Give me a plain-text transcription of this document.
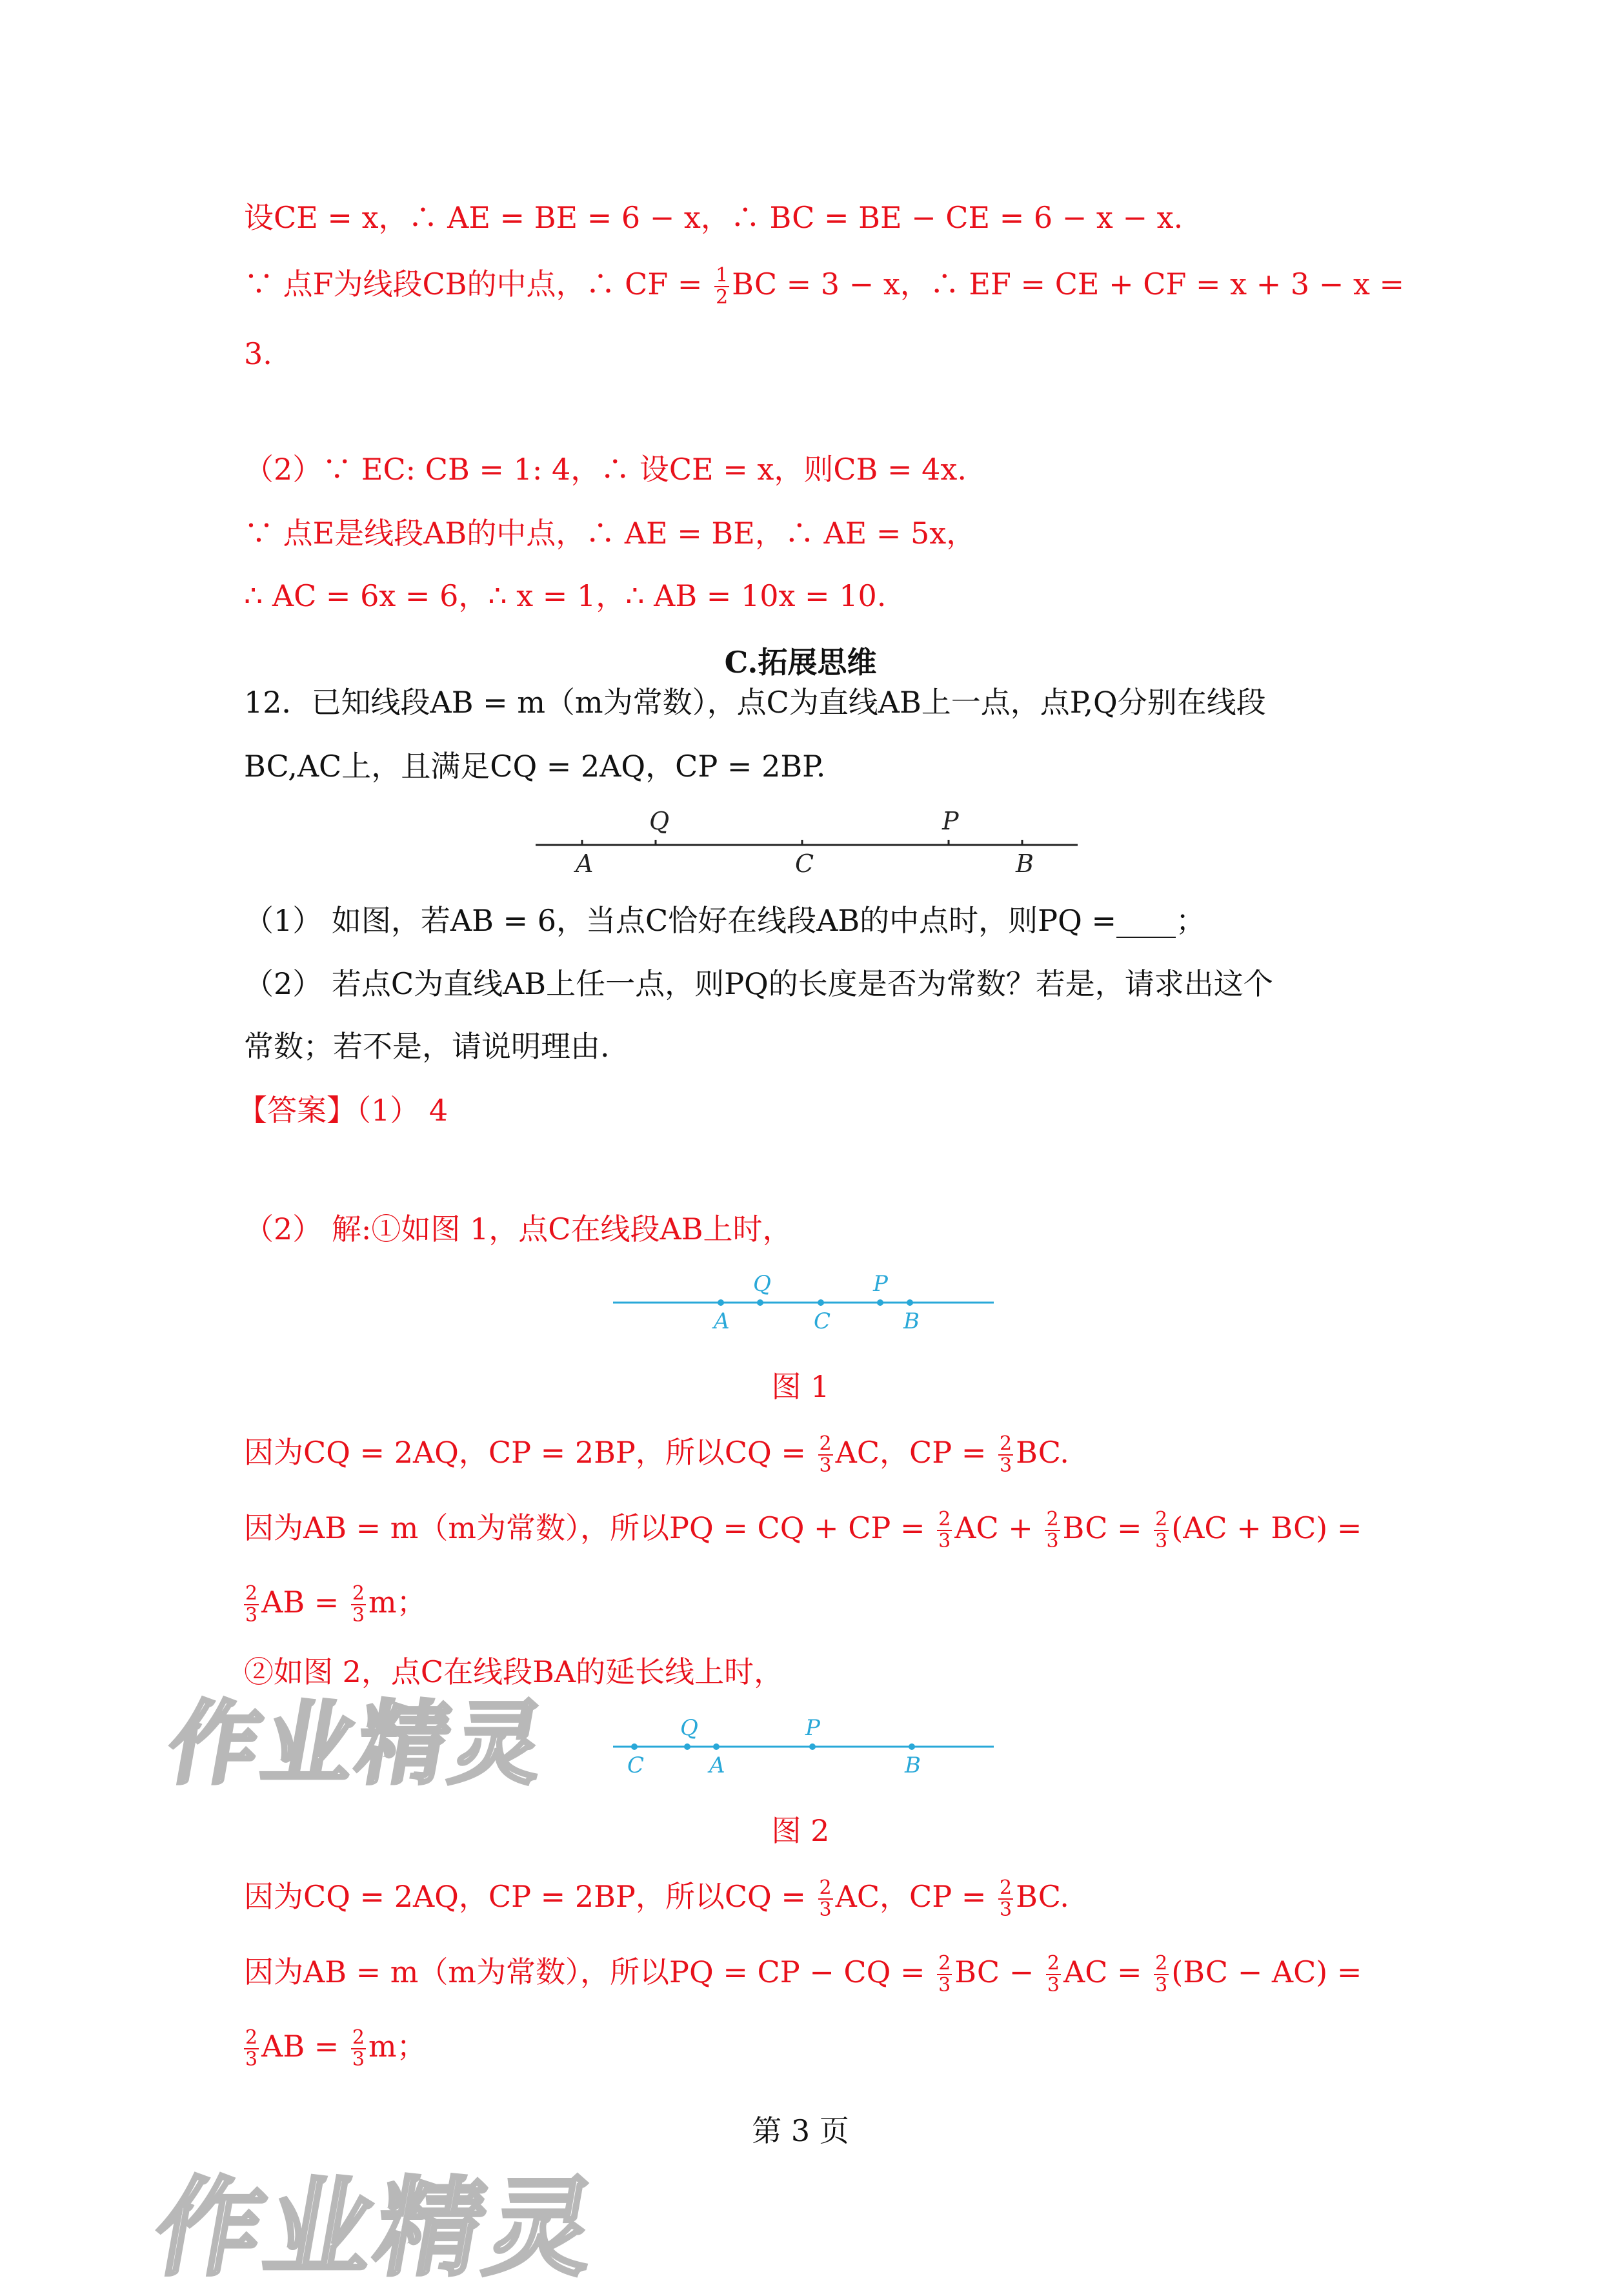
设CE = x，∴ AE = BE = 6 − x，∴ BC = BE − CE = 6 − x − x.
∵ 点F为线段CB的中点，∴ CF = $\frac{1}{2}$ BC = 3 − x，∴ EF = CE + CF = x + 3 − x =
3.
（2）∵ EC: CB = 1: 4，∴ 设CE = x，则CB = 4x.
∵ 点E是线段AB的中点，∴ AE = BE，∴ AE = 5x，
∴ AC = 6x = 6，∴ x = 1，∴ AB = 10x = 10.
C.拓展思维
12．已知线段AB = m（m为常数），点C为直线AB上一点，点P,Q分别在线段
BC,AC上，且满足CQ = 2AQ，CP = 2BP.
Q	P
A	C	B
（1） 如图，若AB = 6，当点C恰好在线段AB的中点时，则PQ =____；
（2） 若点C为直线AB上任一点，则PQ的长度是否为常数？若是，请求出这个
常数；若不是，请说明理由.
【答案】（1） 4
（2） 解:①如图 1，点C在线段AB上时，
Q	P
A	C	B
图 1
因为CQ = 2AQ，CP = 2BP，所以CQ = $\frac{2}{3}$ AC，CP = $\frac{2}{3}$ BC.
因为AB = m（m为常数），所以PQ = CQ + CP = $\frac{2}{3}$ AC + $\frac{2}{3}$ BC = $\frac{2}{3} (AC + BC)$ =
$\frac{2}{3}$ AB = $\frac{2}{3}$ m；
②如图 2，点C在线段BA的延长线上时，
Q	P
C	A	B
图 2
因为CQ = 2AQ，CP = 2BP，所以CQ = $\frac{2}{3}$ AC，CP = $\frac{2}{3}$ BC.
因为AB = m（m为常数），所以PQ = CP − CQ = $\frac{2}{3}$ BC − $\frac{2}{3}$ AC = $\frac{2}{3} (BC - AC)$ =
$\frac{2}{3}$ AB = $\frac{2}{3}$ m；
第 3 页
作业精灵
作业精灵
